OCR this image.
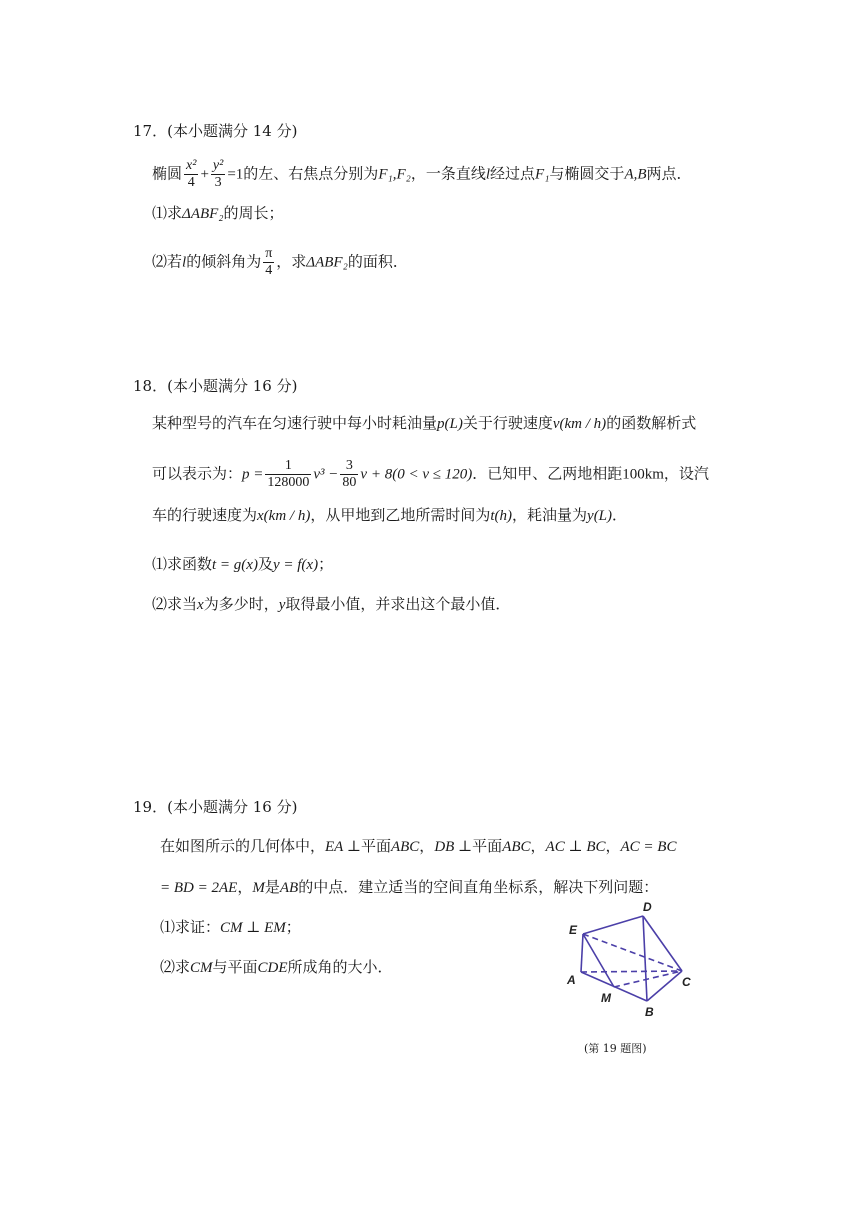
17．(本小题满分 14 分)
椭圆 $\frac{\text{x²}}{4} + \frac{\text{y²}}{3} =1$的左、右焦点分别为F₁,F₂，一条直线l经过点F₁与椭圆交于A,B两点．
⑴求ΔABF₂的周长；
⑵若l的倾斜角为 $\frac{\pi}{4}$ ，求ΔABF₂的面积．
18．(本小题满分 16 分)
某种型号的汽车在匀速行驶中每小时耗油量p(L)关于行驶速度v(km / h)的函数解析式
可以表示为：$p = \frac{1}{128000} v^3 - \frac{3}{80}$ v + 8(0 < v ≤ 120)．已知甲、乙两地相距100km，设汽
车的行驶速度为x(km / h)，从甲地到乙地所需时间为t(h)，耗油量为y(L)．
⑴求函数t = g(x)及y = f(x)；
⑵求当x为多少时，y取得最小值，并求出这个最小值．
19．(本小题满分 16 分)
在如图所示的几何体中，EA ⊥平面ABC，DB ⊥平面ABC，AC ⊥ BC，AC = BC
= BD = 2AE，M是AB的中点．建立适当的空间直角坐标系，解决下列问题：
⑴求证：CM ⊥ EM；
⑵求CM与平面CDE所成角的大小．
E
D
A	C
M
B
(第 19 题图)
